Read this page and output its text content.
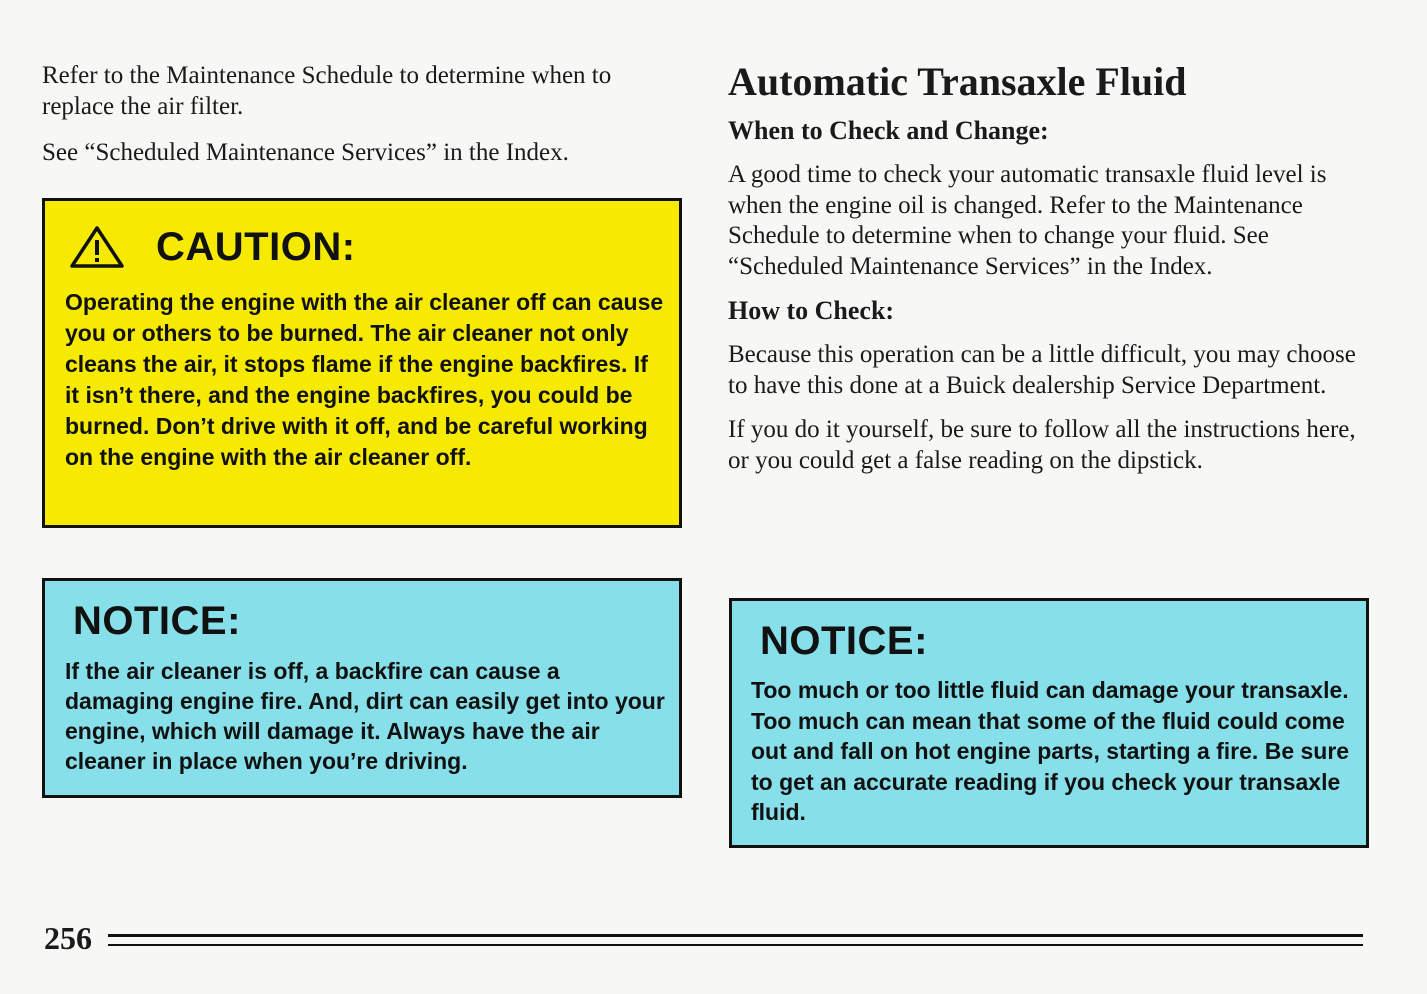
Refer to the Maintenance Schedule to determine when to replace the air filter.

See “Scheduled Maintenance Services” in the Index.

CAUTION:

Operating the engine with the air cleaner off can cause you or others to be burned. The air cleaner not only cleans the air, it stops flame if the engine backfires. If it isn’t there, and the engine backfires, you could be burned. Don’t drive with it off, and be careful working on the engine with the air cleaner off.

NOTICE:

If the air cleaner is off, a backfire can cause a damaging engine fire. And, dirt can easily get into your engine, which will damage it. Always have the air cleaner in place when you’re driving.

Automatic Transaxle Fluid
When to Check and Change:

A good time to check your automatic transaxle fluid level is when the engine oil is changed. Refer to the Maintenance Schedule to determine when to change your fluid. See “Scheduled Maintenance Services” in the Index.

How to Check:

Because this operation can be a little difficult, you may choose to have this done at a Buick dealership Service Department.

If you do it yourself, be sure to follow all the instructions here, or you could get a false reading on the dipstick.

NOTICE:

Too much or too little fluid can damage your transaxle. Too much can mean that some of the fluid could come out and fall on hot engine parts, starting a fire. Be sure to get an accurate reading if you check your transaxle fluid.

256
